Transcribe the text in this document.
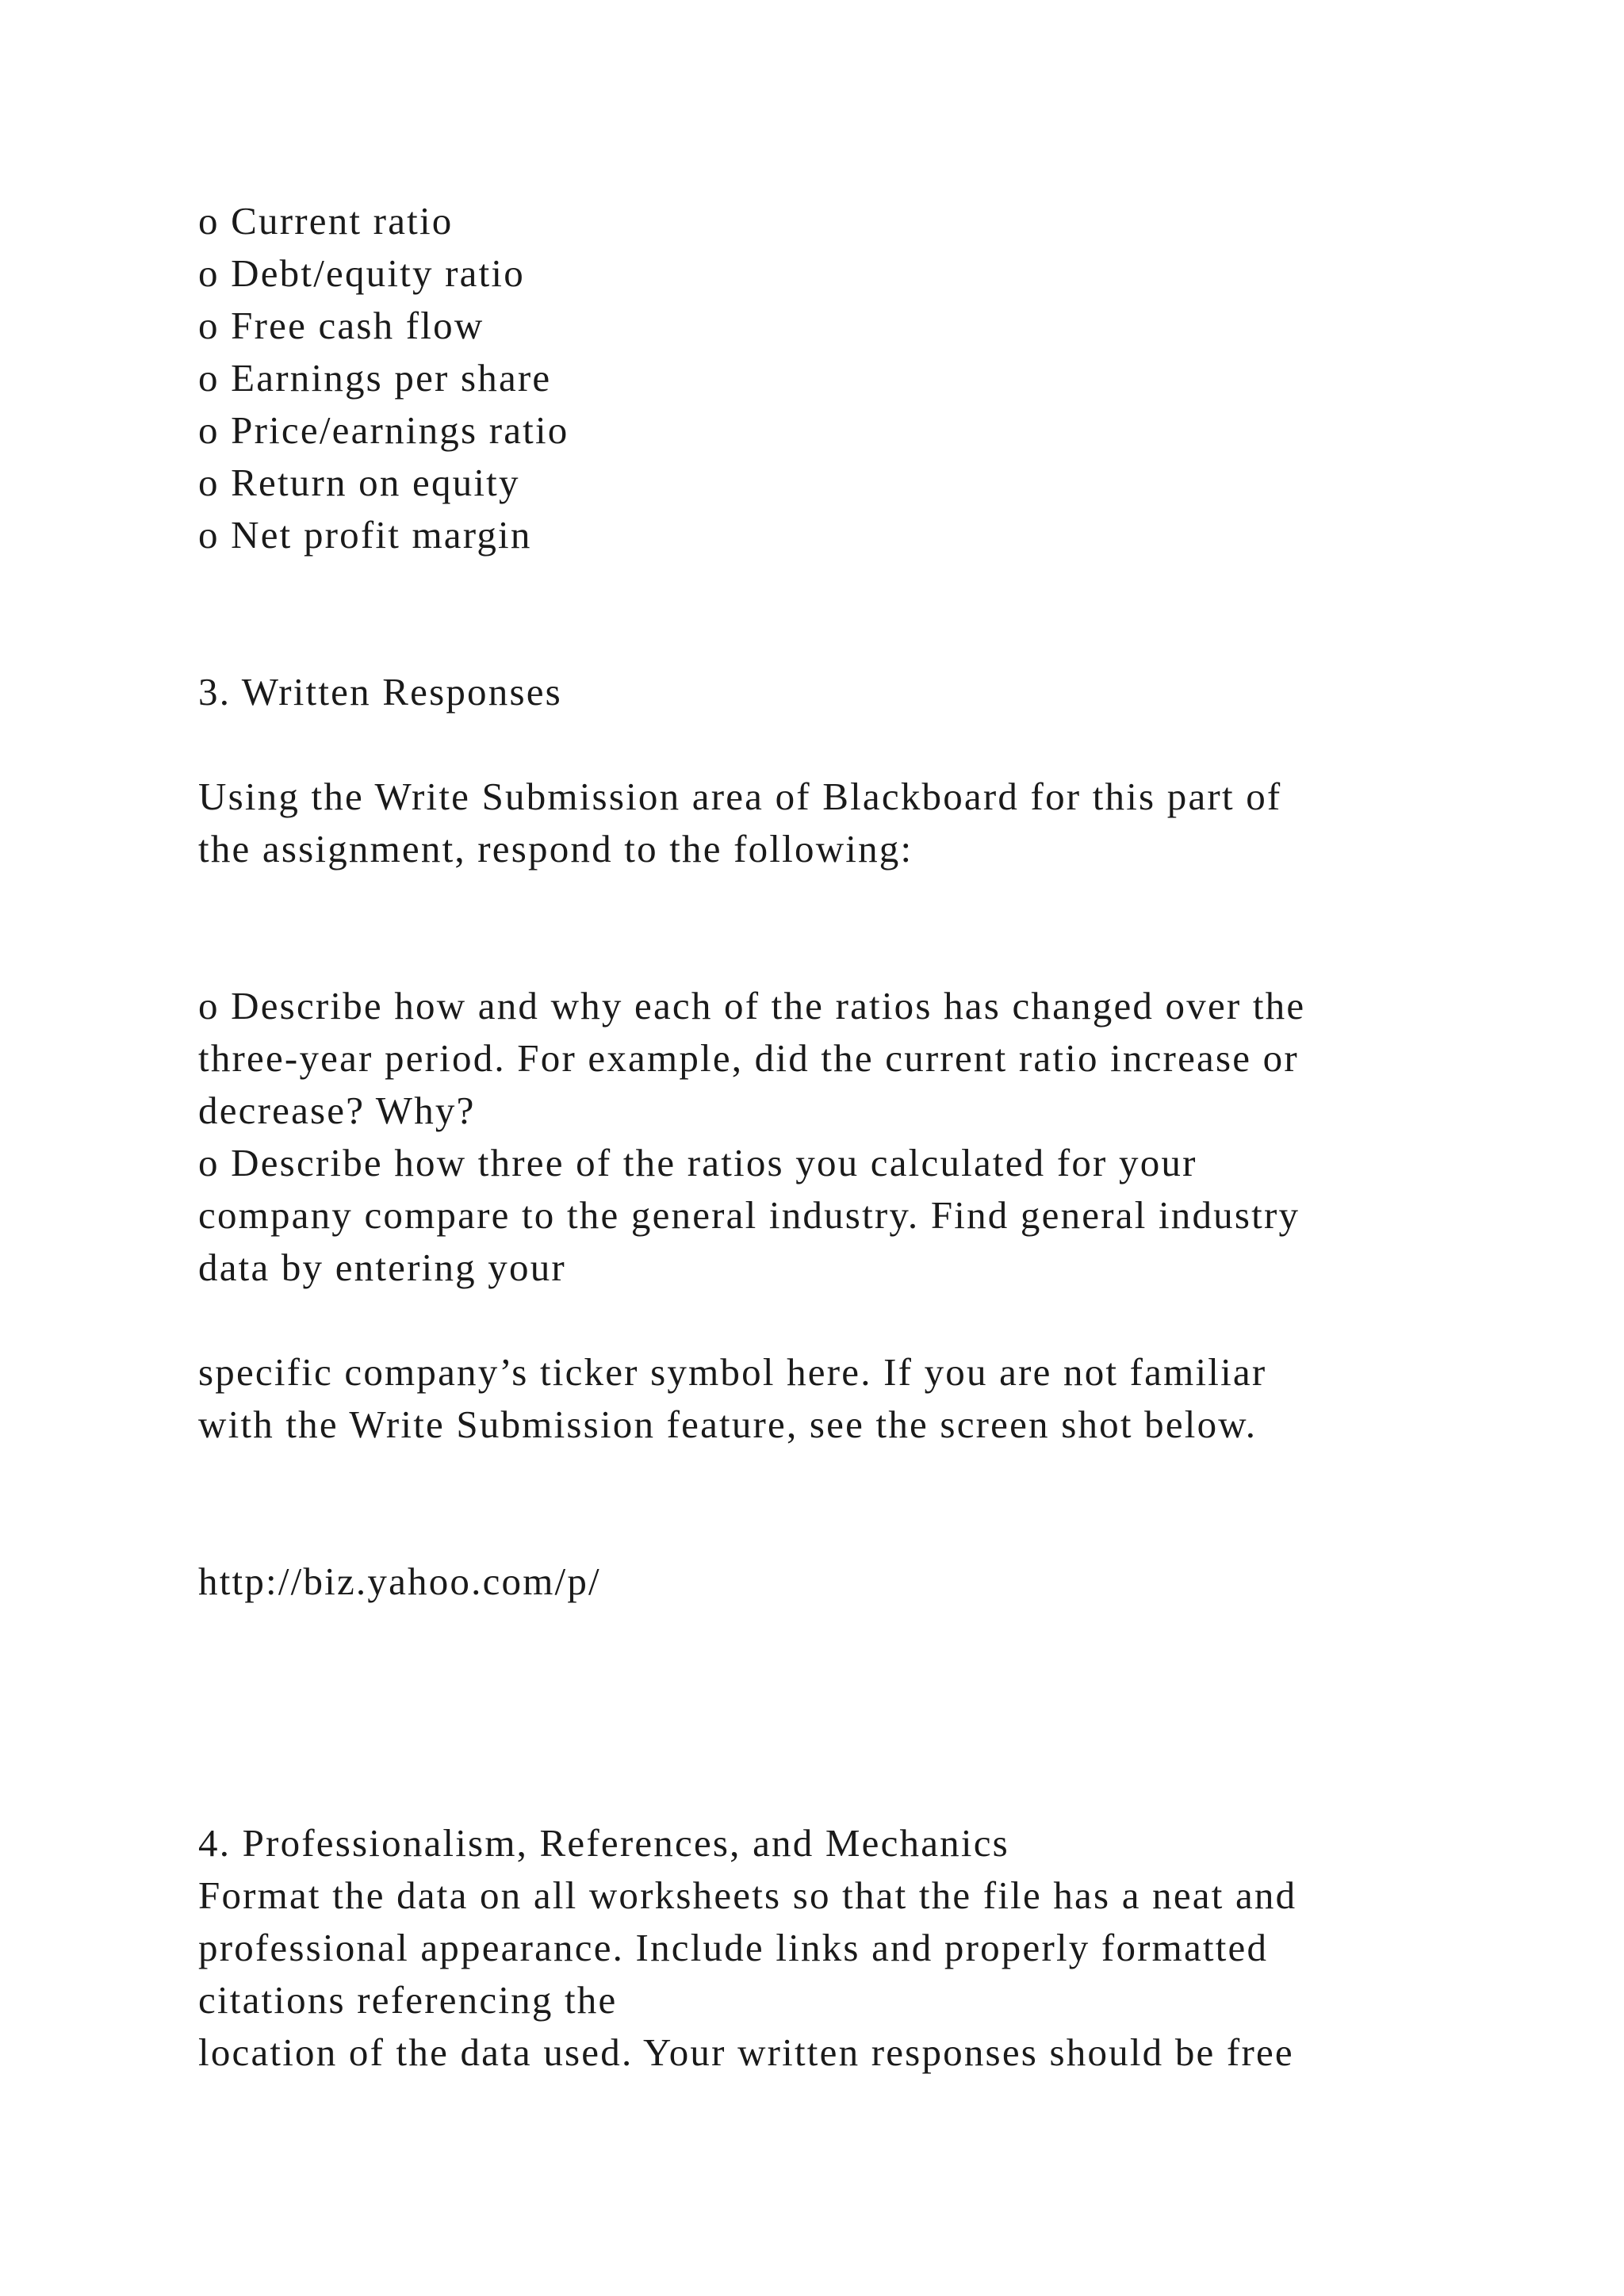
o Current ratio
o Debt/equity ratio
o Free cash flow
o Earnings per share
o Price/earnings ratio
o Return on equity
o Net profit margin
3. Written Responses
Using the Write Submission area of Blackboard for this part of
the assignment, respond to the following:
o Describe how and why each of the ratios has changed over the
three-year period. For example, did the current ratio increase or
decrease? Why?
o Describe how three of the ratios you calculated for your
company compare to the general industry. Find general industry
data by entering your
specific company’s ticker symbol here. If you are not familiar
with the Write Submission feature, see the screen shot below.
http://biz.yahoo.com/p/
4. Professionalism, References, and Mechanics
Format the data on all worksheets so that the file has a neat and
professional appearance. Include links and properly formatted
citations referencing the
location of the data used. Your written responses should be free
